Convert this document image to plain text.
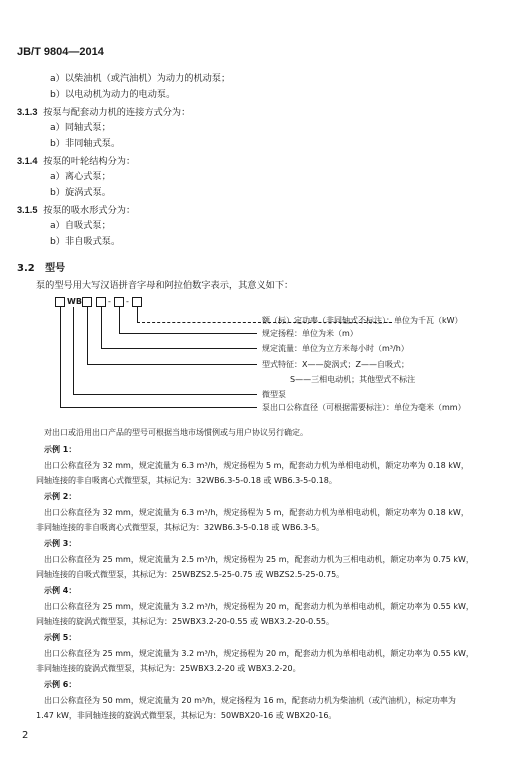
JB/T 9804—2014
a）以柴油机（或汽油机）为动力的机动泵；
b）以电动机为动力的电动泵。
3.1.3 按泵与配套动力机的连接方式分为：
a）同轴式泵；
b）非同轴式泵。
3.1.4 按泵的叶轮结构分为：
a）离心式泵；
b）旋涡式泵。
3.1.5 按泵的吸水形式分为：
a）自吸式泵；
b）非自吸式泵。
3.2 型号
泵的型号用大写汉语拼音字母和阿拉伯数字表示，其意义如下：
WB	- -
额（标）定功率（非同轴式不标注）：单位为千瓦（kW）
规定扬程：单位为米（m）
规定流量：单位为立方米每小时（m³/h）
型式特征：X——旋涡式；Z——自吸式；
S——三相电动机；其他型式不标注
微型泵
泵出口公称直径（可根据需要标注）：单位为毫米（mm）
对出口或沿用出口产品的型号可根据当地市场惯例或与用户协议另行确定。
示例 1：
出口公称直径为 32 mm，规定流量为 6.3 m³/h，规定扬程为 5 m，配套动力机为单相电动机，额定功率为 0.18 kW，
同轴连接的非自吸离心式微型泵，其标记为：32WB6.3-5-0.18 或 WB6.3-5-0.18。
示例 2：
出口公称直径为 32 mm，规定流量为 6.3 m³/h，规定扬程为 5 m，配套动力机为单相电动机，额定功率为 0.18 kW，
非同轴连接的非自吸离心式微型泵，其标记为：32WB6.3-5-0.18 或 WB6.3-5。
示例 3：
出口公称直径为 25 mm，规定流量为 2.5 m³/h，规定扬程为 25 m，配套动力机为三相电动机，额定功率为 0.75 kW，
同轴连接的自吸式微型泵，其标记为：25WBZS2.5-25-0.75 或 WBZS2.5-25-0.75。
示例 4：
出口公称直径为 25 mm，规定流量为 3.2 m³/h，规定扬程为 20 m，配套动力机为单相电动机，额定功率为 0.55 kW，
同轴连接的旋涡式微型泵，其标记为：25WBX3.2-20-0.55 或 WBX3.2-20-0.55。
示例 5：
出口公称直径为 25 mm，规定流量为 3.2 m³/h，规定扬程为 20 m，配套动力机为单相电动机，额定功率为 0.55 kW，
非同轴连接的旋涡式微型泵，其标记为：25WBX3.2-20 或 WBX3.2-20。
示例 6：
出口公称直径为 50 mm，规定流量为 20 m³/h，规定扬程为 16 m，配套动力机为柴油机（或汽油机），标定功率为
1.47 kW，非同轴连接的旋涡式微型泵，其标记为：50WBX20-16 或 WBX20-16。
2
